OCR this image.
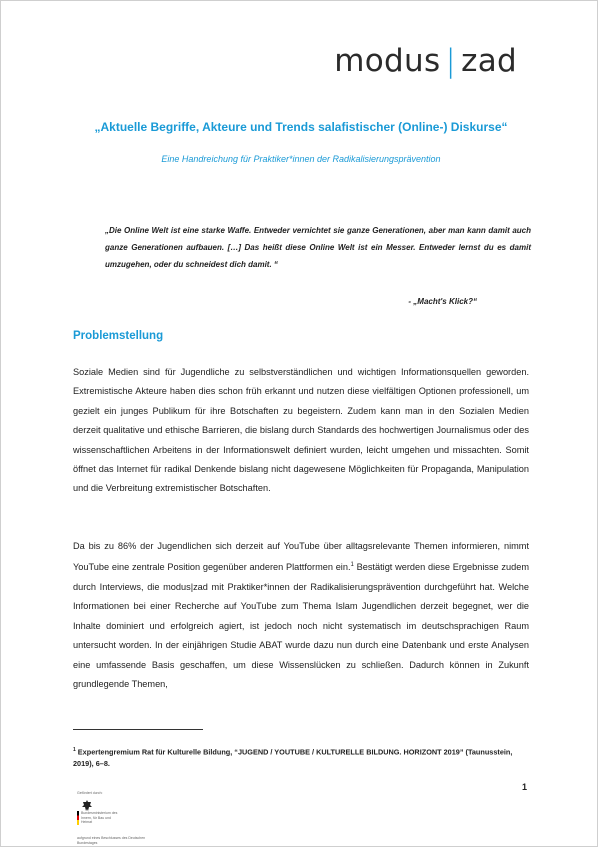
modus | zad
„Aktuelle Begriffe, Akteure und Trends salafistischer (Online-) Diskurse“
Eine Handreichung für Praktiker*innen der Radikalisierungsprävention
„Die Online Welt ist eine starke Waffe. Entweder vernichtet sie ganze Generationen, aber man kann damit auch ganze Generationen aufbauen. […] Das heißt diese Online Welt ist ein Messer. Entweder lernst du es damit umzugehen, oder du schneidest dich damit. “
- „Macht's Klick?“
Problemstellung
Soziale Medien sind für Jugendliche zu selbstverständlichen und wichtigen Informationsquellen geworden. Extremistische Akteure haben dies schon früh erkannt und nutzen diese vielfältigen Optionen professionell, um gezielt ein junges Publikum für ihre Botschaften zu begeistern. Zudem kann man in den Sozialen Medien derzeit qualitative und ethische Barrieren, die bislang durch Standards des hochwertigen Journalismus oder des wissenschaftlichen Arbeitens in der Informationswelt definiert wurden, leicht umgehen und missachten. Somit öffnet das Internet für radikal Denkende bislang nicht dagewesene Möglichkeiten für Propaganda, Manipulation und die Verbreitung extremistischer Botschaften.
Da bis zu 86% der Jugendlichen sich derzeit auf YouTube über alltagsrelevante Themen informieren, nimmt YouTube eine zentrale Position gegenüber anderen Plattformen ein.$^1$ Bestätigt werden diese Ergebnisse zudem durch Interviews, die modus|zad mit Praktiker*innen der Radikalisierungsprävention durchgeführt hat. Welche Informationen bei einer Recherche auf YouTube zum Thema Islam Jugendlichen derzeit begegnet, wer die Inhalte dominiert und erfolgreich agiert, ist jedoch noch nicht systematisch im deutschsprachigen Raum untersucht worden. In der einjährigen Studie ABAT wurde dazu nun durch eine Datenbank und erste Analysen eine umfassende Basis geschaffen, um diese Wissenslücken zu schließen. Dadurch können in Zukunft grundlegende Themen,
$^1$ Expertengremium Rat für Kulturelle Bildung, “JUGEND / YOUTUBE / KULTURELLE BILDUNG. HORIZONT 2019” (Taunusstein, 2019), 6–8.
1
Gefördert durch:
Bundesministerium des Innern, für Bau und Heimat
aufgrund eines Beschlusses des Deutschen Bundestages
